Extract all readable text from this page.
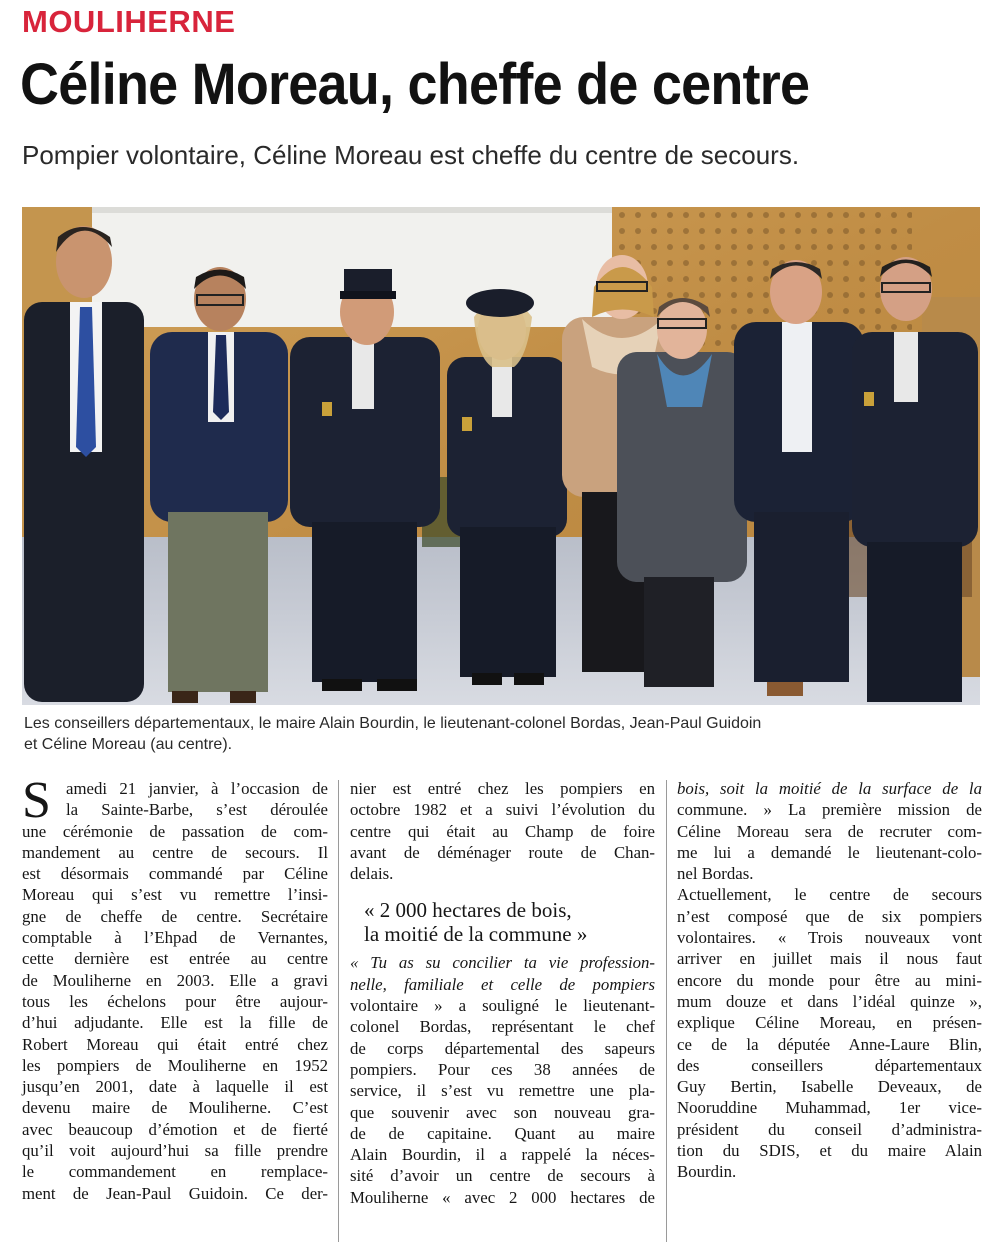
MOULIHERNE
Céline Moreau, cheffe de centre
Pompier volontaire, Céline Moreau est cheffe du centre de secours.
Les conseillers départementaux, le maire Alain Bourdin, le lieutenant-colonel Bordas, Jean-Paul Guidoin
et Céline Moreau (au centre).
S amedi 21 janvier, à l’occasion de
la Sainte-Barbe, s’est déroulée
une cérémonie de passation de com-
mandement au centre de secours. Il
est désormais commandé par Céline
Moreau qui s’est vu remettre l’insi-
gne de cheffe de centre. Secrétaire
comptable à l’Ehpad de Vernantes,
cette dernière est entrée au centre
de Mouliherne en 2003. Elle a gravi
tous les échelons pour être aujour-
d’hui adjudante. Elle est la fille de
Robert Moreau qui était entré chez
les pompiers de Mouliherne en 1952
jusqu’en 2001, date à laquelle il est
devenu maire de Mouliherne. C’est
avec beaucoup d’émotion et de fierté
qu’il voit aujourd’hui sa fille prendre
le commandement en remplace-
ment de Jean-Paul Guidoin. Ce der-
nier est entré chez les pompiers en
octobre 1982 et a suivi l’évolution du
centre qui était au Champ de foire
avant de déménager route de Chan-
delais.
« 2 000 hectares de bois,
la moitié de la commune »
« Tu as su concilier ta vie profession-
nelle, familiale et celle de pompiers
volontaire » a souligné le lieutenant-
colonel Bordas, représentant le chef
de corps départemental des sapeurs
pompiers. Pour ces 38 années de
service, il s’est vu remettre une pla-
que souvenir avec son nouveau gra-
de de capitaine. Quant au maire
Alain Bourdin, il a rappelé la néces-
sité d’avoir un centre de secours à
Mouliherne « avec 2 000 hectares de
bois, soit la moitié de la surface de la
commune. » La première mission de
Céline Moreau sera de recruter com-
me lui a demandé le lieutenant-colo-
nel Bordas.
Actuellement, le centre de secours
n’est composé que de six pompiers
volontaires. « Trois nouveaux vont
arriver en juillet mais il nous faut
encore du monde pour être au mini-
mum douze et dans l’idéal quinze »,
explique Céline Moreau, en présen-
ce de la députée Anne-Laure Blin,
des conseillers départementaux
Guy Bertin, Isabelle Deveaux, de
Nooruddine Muhammad, 1er vice-
président du conseil d’administra-
tion du SDIS, et du maire Alain
Bourdin.
